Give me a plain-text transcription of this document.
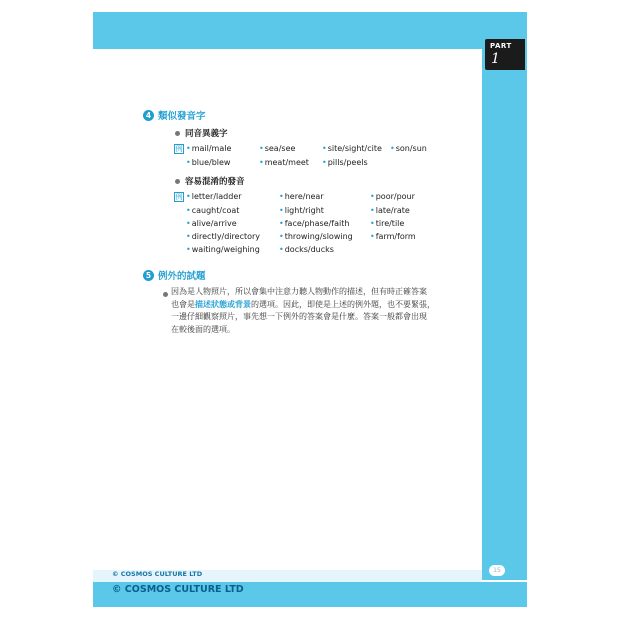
PART
1
4 類似發音字
同音異義字
例	• mail/male	• sea/see	• site/sight/cite	• son/sun
• blue/blew	• meat/meet	• pills/peels
容易混淆的發音
例	• letter/ladder	• here/near	• poor/pour
• caught/coat	• light/right	• late/rate
• alive/arrive	• face/phase/faith	• tire/tile
• directly/directory	• throwing/slowing	• farm/form
• waiting/weighing	• docks/ducks
5 例外的試題
因為是人物照片，所以會集中注意力聽人物動作的描述，但有時正確答案
也會是描述狀態或背景的選項。因此，即使是上述的例外題，也不要緊張，
一邊仔細觀察照片，事先想一下例外的答案會是什麼。答案一般都會出現
在較後面的選項。
© COSMOS CULTURE LTD
© COSMOS CULTURE LTD
15
